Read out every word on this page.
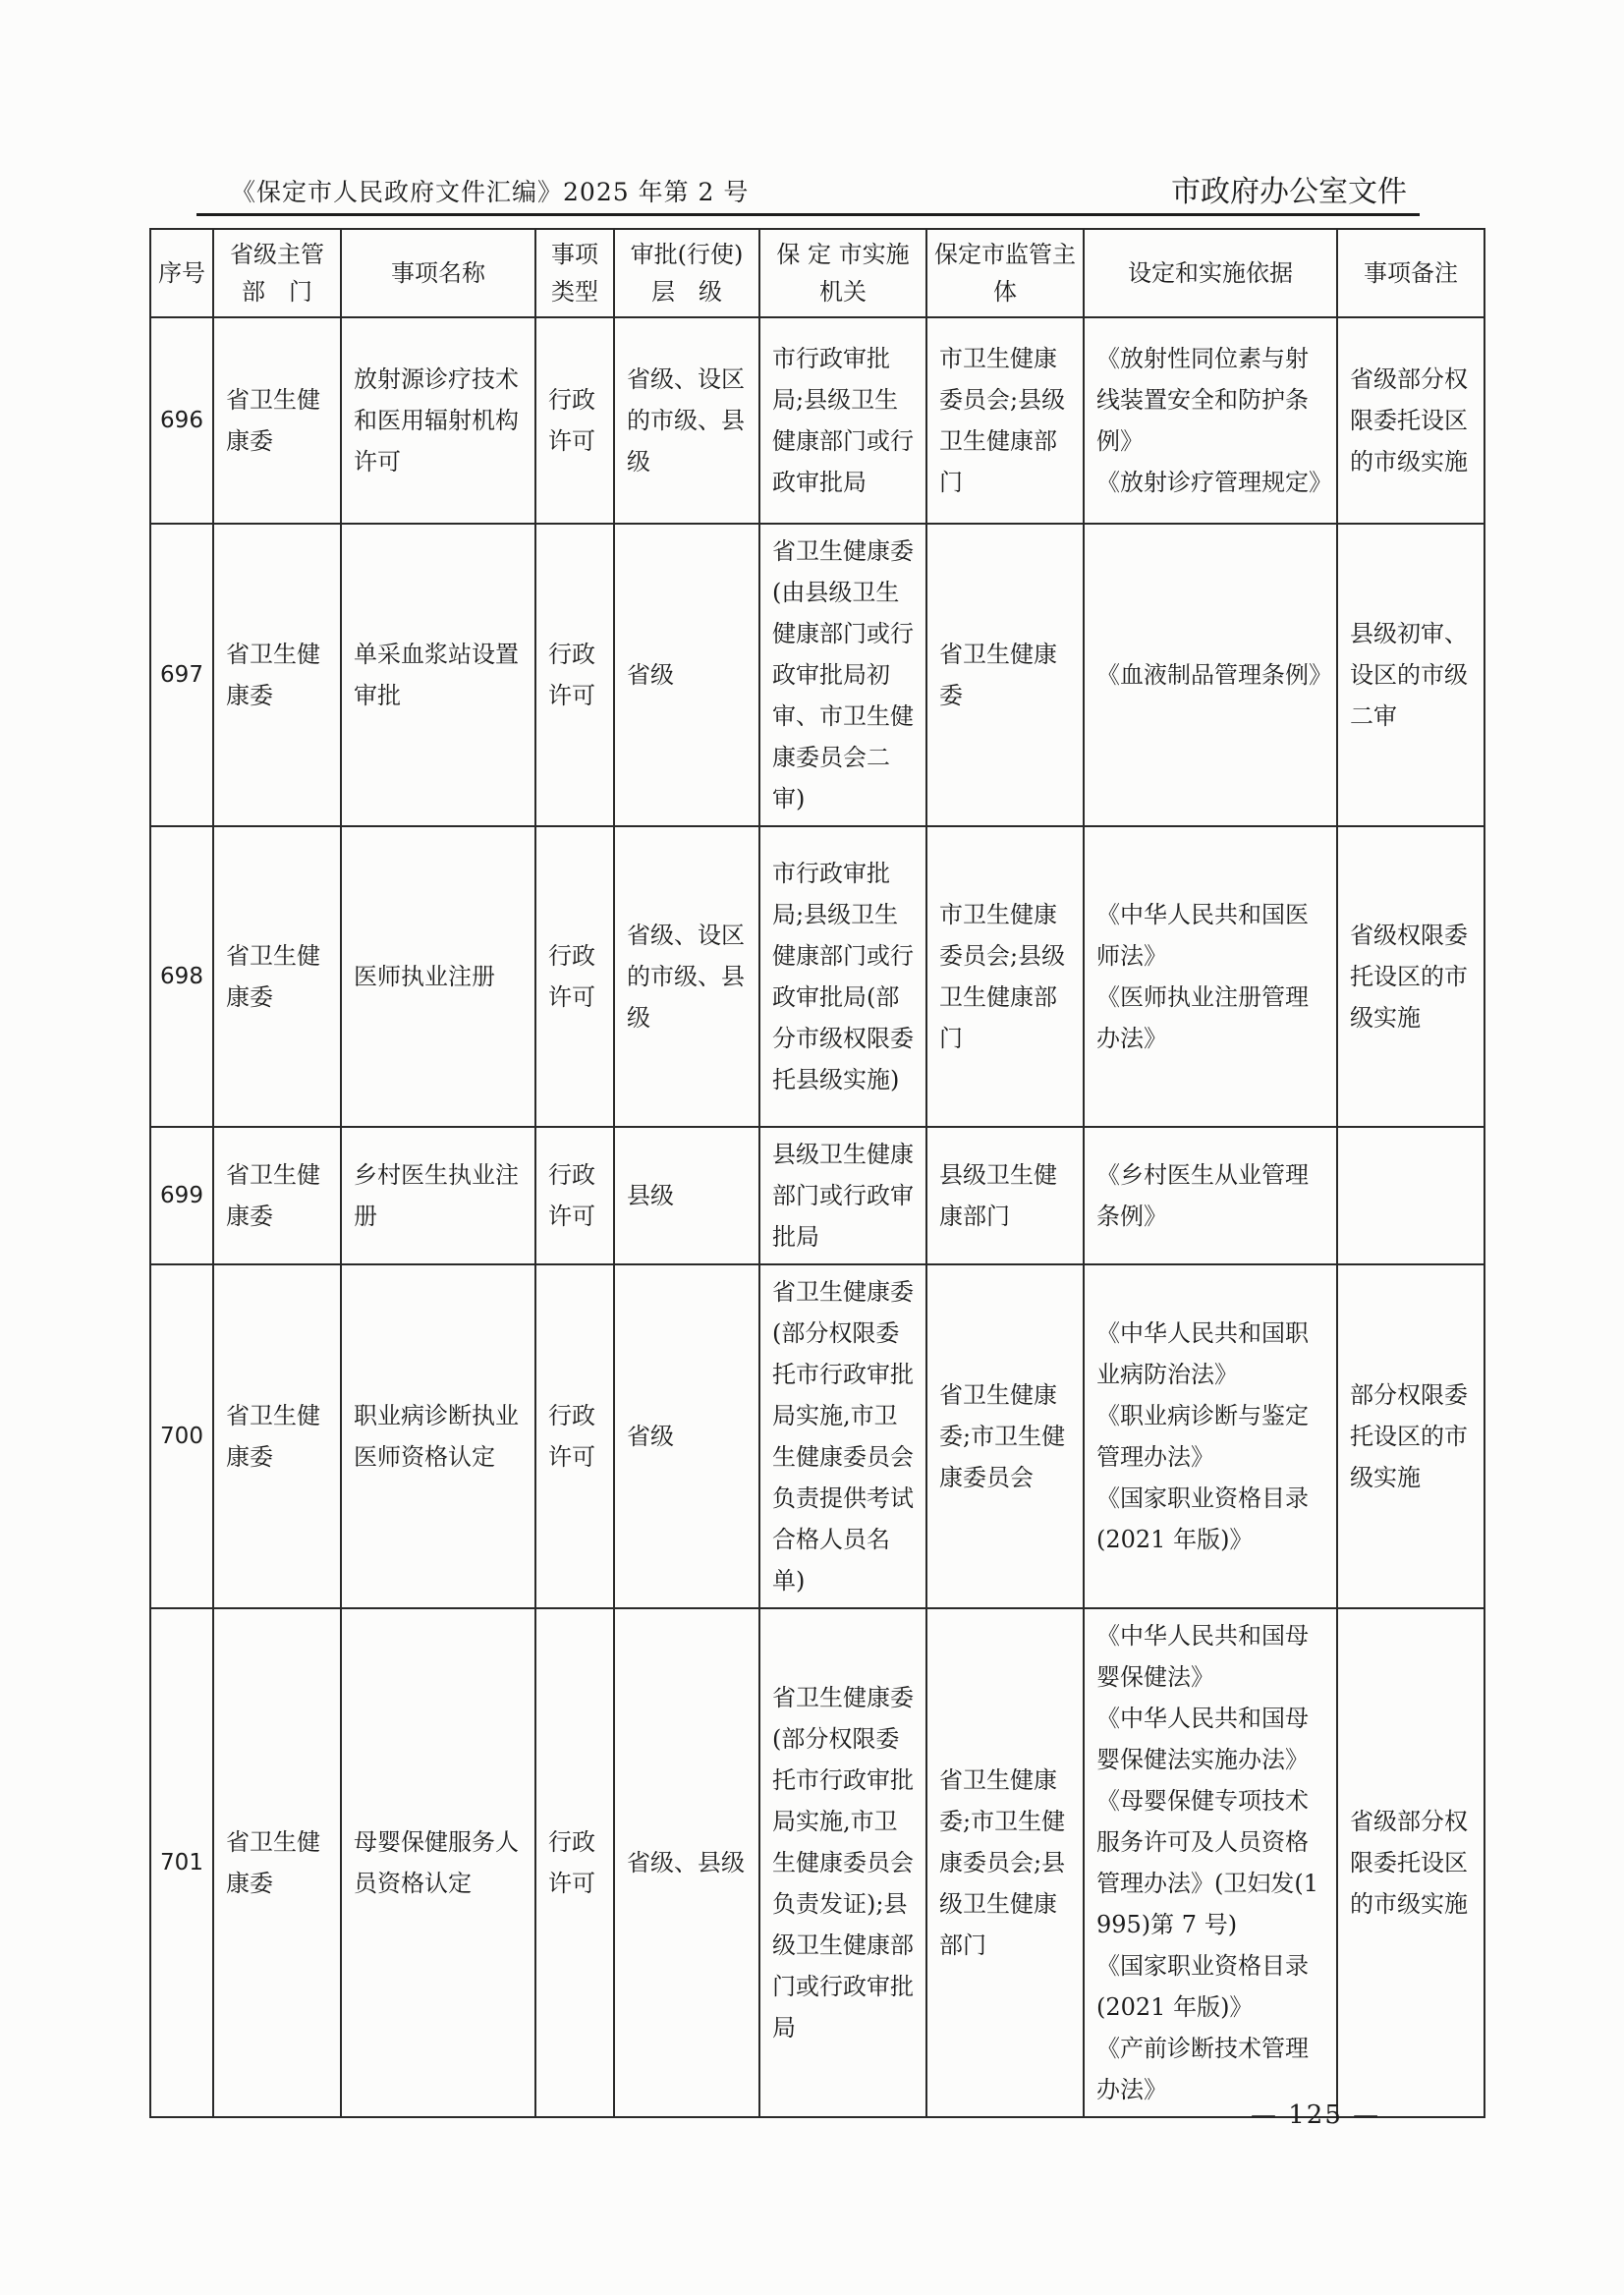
《保定市人民政府文件汇编》2025 年第 2 号	市政府办公室文件
序号	省级主管部　门	事项名称	事项类型	审批(行使)层　级	保 定 市实施机关	保定市监管主体	设定和实施依据	事项备注
696	省卫生健康委	放射源诊疗技术和医用辐射机构许可	行政许可	省级、设区的市级、县级	市行政审批局;县级卫生健康部门或行政审批局	市卫生健康委员会;县级卫生健康部门	《放射性同位素与射线装置安全和防护条例》
《放射诊疗管理规定》	省级部分权限委托设区的市级实施
697	省卫生健康委	单采血浆站设置审批	行政许可	省级	省卫生健康委(由县级卫生健康部门或行政审批局初审、市卫生健康委员会二审)	省卫生健康委	《血液制品管理条例》	县级初审、设区的市级二审
698	省卫生健康委	医师执业注册	行政许可	省级、设区的市级、县级	市行政审批局;县级卫生健康部门或行政审批局(部分市级权限委托县级实施)	市卫生健康委员会;县级卫生健康部门	《中华人民共和国医师法》
《医师执业注册管理办法》	省级权限委托设区的市级实施
699	省卫生健康委	乡村医生执业注册	行政许可	县级	县级卫生健康部门或行政审批局	县级卫生健康部门	《乡村医生从业管理条例》	
700	省卫生健康委	职业病诊断执业医师资格认定	行政许可	省级	省卫生健康委(部分权限委托市行政审批局实施,市卫生健康委员会负责提供考试合格人员名单)	省卫生健康委;市卫生健康委员会	《中华人民共和国职业病防治法》
《职业病诊断与鉴定管理办法》
《国家职业资格目录(2021 年版)》	部分权限委托设区的市级实施
701	省卫生健康委	母婴保健服务人员资格认定	行政许可	省级、县级	省卫生健康委(部分权限委托市行政审批局实施,市卫生健康委员会负责发证);县级卫生健康部门或行政审批局	省卫生健康委;市卫生健康委员会;县级卫生健康部门	《中华人民共和国母婴保健法》
《中华人民共和国母婴保健法实施办法》
《母婴保健专项技术服务许可及人员资格管理办法》(卫妇发(1995)第 7 号)
《国家职业资格目录(2021 年版)》
《产前诊断技术管理办法》	省级部分权限委托设区的市级实施
— 125 —
